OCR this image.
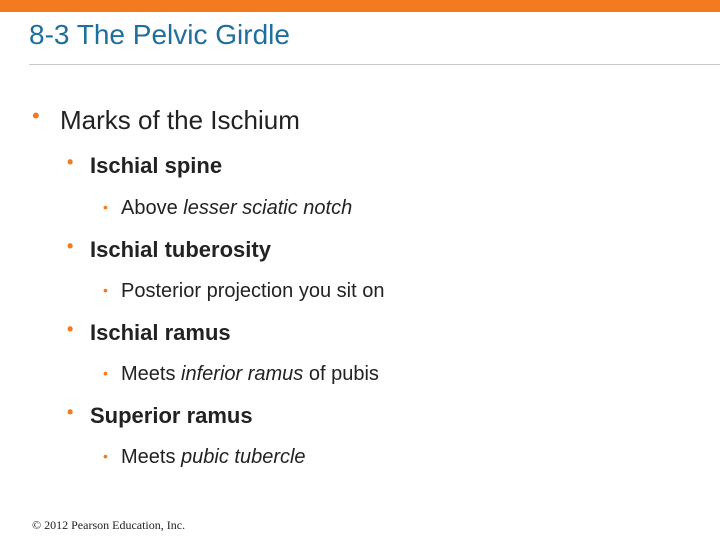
8-3 The Pelvic Girdle
• Marks of the Ischium
• Ischial spine
• Above lesser sciatic notch
• Ischial tuberosity
• Posterior projection you sit on
• Ischial ramus
• Meets inferior ramus of pubis
• Superior ramus
• Meets pubic tubercle
© 2012 Pearson Education, Inc.
